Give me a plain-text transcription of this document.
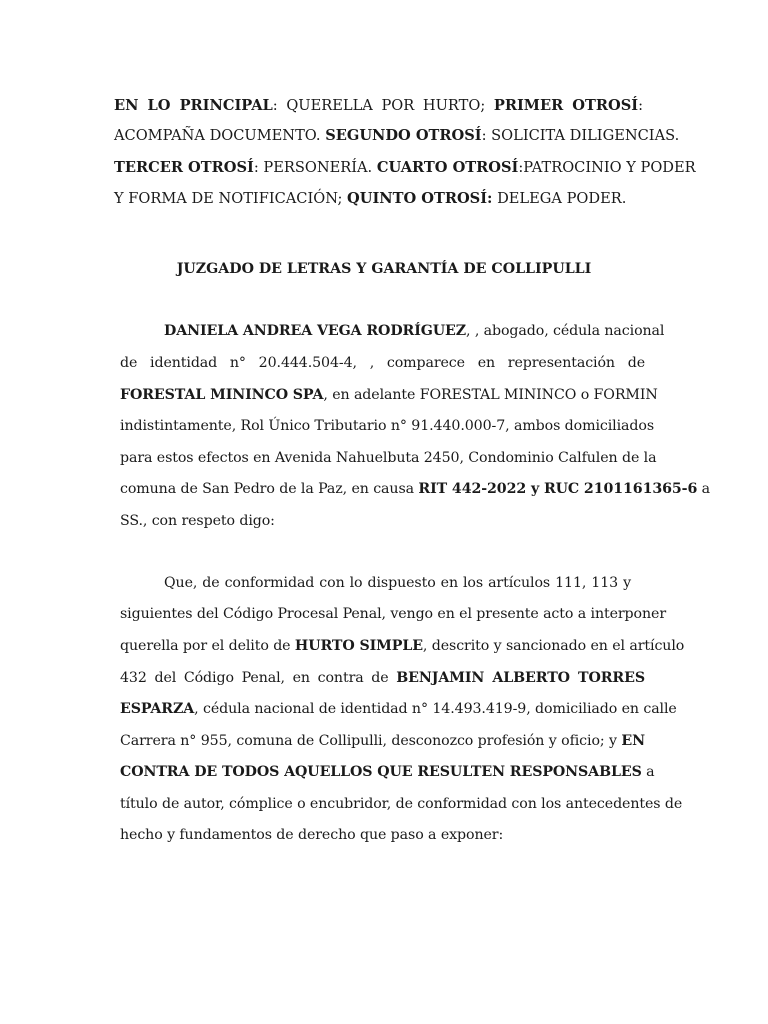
EN LO PRINCIPAL: QUERELLA POR HURTO; PRIMER OTROSÍ:
ACOMPAÑA DOCUMENTO. SEGUNDO OTROSÍ: SOLICITA DILIGENCIAS.
TERCER OTROSÍ: PERSONERÍA. CUARTO OTROSÍ:PATROCINIO Y PODER
Y FORMA DE NOTIFICACIÓN; QUINTO OTROSÍ: DELEGA PODER.
JUZGADO DE LETRAS Y GARANTÍA DE COLLIPULLI
DANIELA ANDREA VEGA RODRÍGUEZ, , abogado, cédula nacional
de identidad n° 20.444.504-4, , comparece en representación de
FORESTAL MININCO SPA, en adelante FORESTAL MININCO o FORMIN
indistintamente, Rol Único Tributario n° 91.440.000-7, ambos domiciliados
para estos efectos en Avenida Nahuelbuta 2450, Condominio Calfulen de la
comuna de San Pedro de la Paz, en causa RIT 442-2022 y RUC 2101161365-6 a
SS., con respeto digo:
Que, de conformidad con lo dispuesto en los artículos 111, 113 y
siguientes del Código Procesal Penal, vengo en el presente acto a interponer
querella por el delito de HURTO SIMPLE, descrito y sancionado en el artículo
432 del Código Penal, en contra de BENJAMIN ALBERTO TORRES
ESPARZA, cédula nacional de identidad n° 14.493.419-9, domiciliado en calle
Carrera n° 955, comuna de Collipulli, desconozco profesión y oficio; y EN
CONTRA DE TODOS AQUELLOS QUE RESULTEN RESPONSABLES a
título de autor, cómplice o encubridor, de conformidad con los antecedentes de
hecho y fundamentos de derecho que paso a exponer:
